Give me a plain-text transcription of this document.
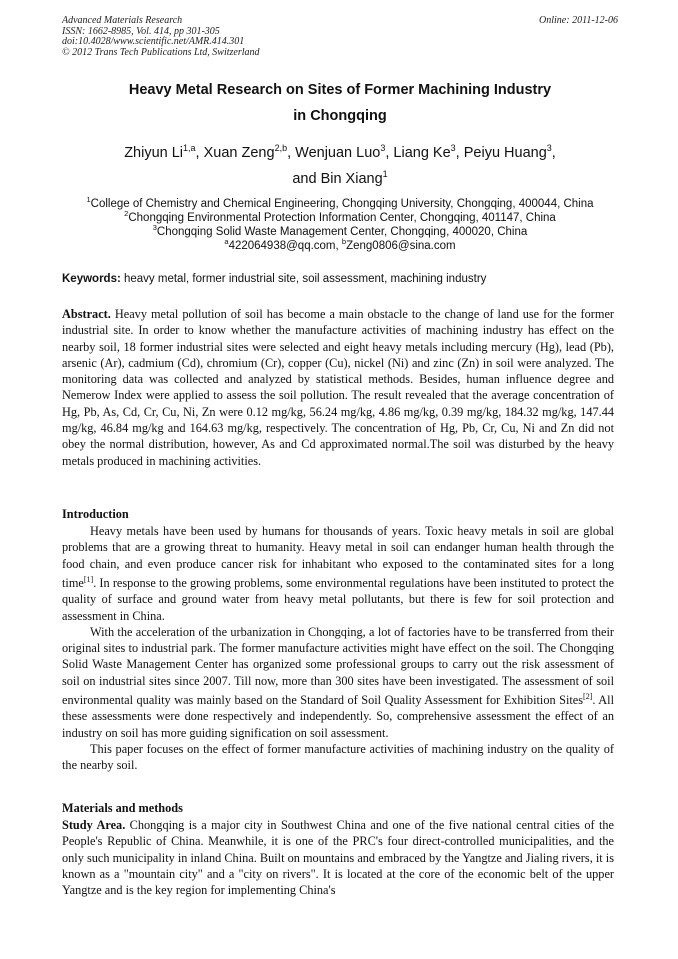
Advanced Materials Research
ISSN: 1662-8985, Vol. 414, pp 301-305
doi:10.4028/www.scientific.net/AMR.414.301
© 2012 Trans Tech Publications Ltd, Switzerland
Online: 2011-12-06
Heavy Metal Research on Sites of Former Machining Industry
in Chongqing
Zhiyun Li$^{1,a}$, Xuan Zeng$^{2,b}$, Wenjuan Luo$^3$, Liang Ke$^3$, Peiyu Huang$^3$,
and Bin Xiang$^1$
$^1$College of Chemistry and Chemical Engineering, Chongqing University, Chongqing, 400044, China
$^2$Chongqing Environmental Protection Information Center, Chongqing, 401147, China
$^3$Chongqing Solid Waste Management Center, Chongqing, 400020, China
$^a$422064938@qq.com, $^b$Zeng0806@sina.com
Keywords: heavy metal, former industrial site, soil assessment, machining industry

Abstract. Heavy metal pollution of soil has become a main obstacle to the change of land use for the former industrial site. In order to know whether the manufacture activities of machining industry has effect on the nearby soil, 18 former industrial sites were selected and eight heavy metals including mercury (Hg), lead (Pb), arsenic (Ar), cadmium (Cd), chromium (Cr), copper (Cu), nickel (Ni) and zinc (Zn) in soil were analyzed. The monitoring data was collected and analyzed by statistical methods. Besides, human influence degree and Nemerow Index were applied to assess the soil pollution. The result revealed that the average concentration of Hg, Pb, As, Cd, Cr, Cu, Ni, Zn were 0.12 mg/kg, 56.24 mg/kg, 4.86 mg/kg, 0.39 mg/kg, 184.32 mg/kg, 147.44 mg/kg, 46.84 mg/kg and 164.63 mg/kg, respectively. The concentration of Hg, Pb, Cr, Cu, Ni and Zn did not obey the normal distribution, however, As and Cd approximated normal.The soil was disturbed by the heavy metals produced in machining activities.

Introduction

Heavy metals have been used by humans for thousands of years. Toxic heavy metals in soil are global problems that are a growing threat to humanity. Heavy metal in soil can endanger human health through the food chain, and even produce cancer risk for inhabitant who exposed to the contaminated sites for a long time[1]. In response to the growing problems, some environmental regulations have been instituted to protect the quality of surface and ground water from heavy metal pollutants, but there is few for soil protection and assessment in China.

With the acceleration of the urbanization in Chongqing, a lot of factories have to be transferred from their original sites to industrial park. The former manufacture activities might have effect on the soil. The Chongqing Solid Waste Management Center has organized some professional groups to carry out the risk assessment of soil on industrial sites since 2007. Till now, more than 300 sites have been investigated. The assessment of soil environmental quality was mainly based on the Standard of Soil Quality Assessment for Exhibition Sites[2]. All these assessments were done respectively and independently. So, comprehensive assessment the effect of an industry on soil has more guiding signification on soil assessment.

This paper focuses on the effect of former manufacture activities of machining industry on the quality of the nearby soil.

Materials and methods

Study Area. Chongqing is a major city in Southwest China and one of the five national central cities of the People's Republic of China. Meanwhile, it is one of the PRC's four direct-controlled municipalities, and the only such municipality in inland China. Built on mountains and embraced by the Yangtze and Jialing rivers, it is known as a "mountain city" and a "city on rivers". It is located at the core of the economic belt of the upper Yangtze and is the key region for implementing China's
